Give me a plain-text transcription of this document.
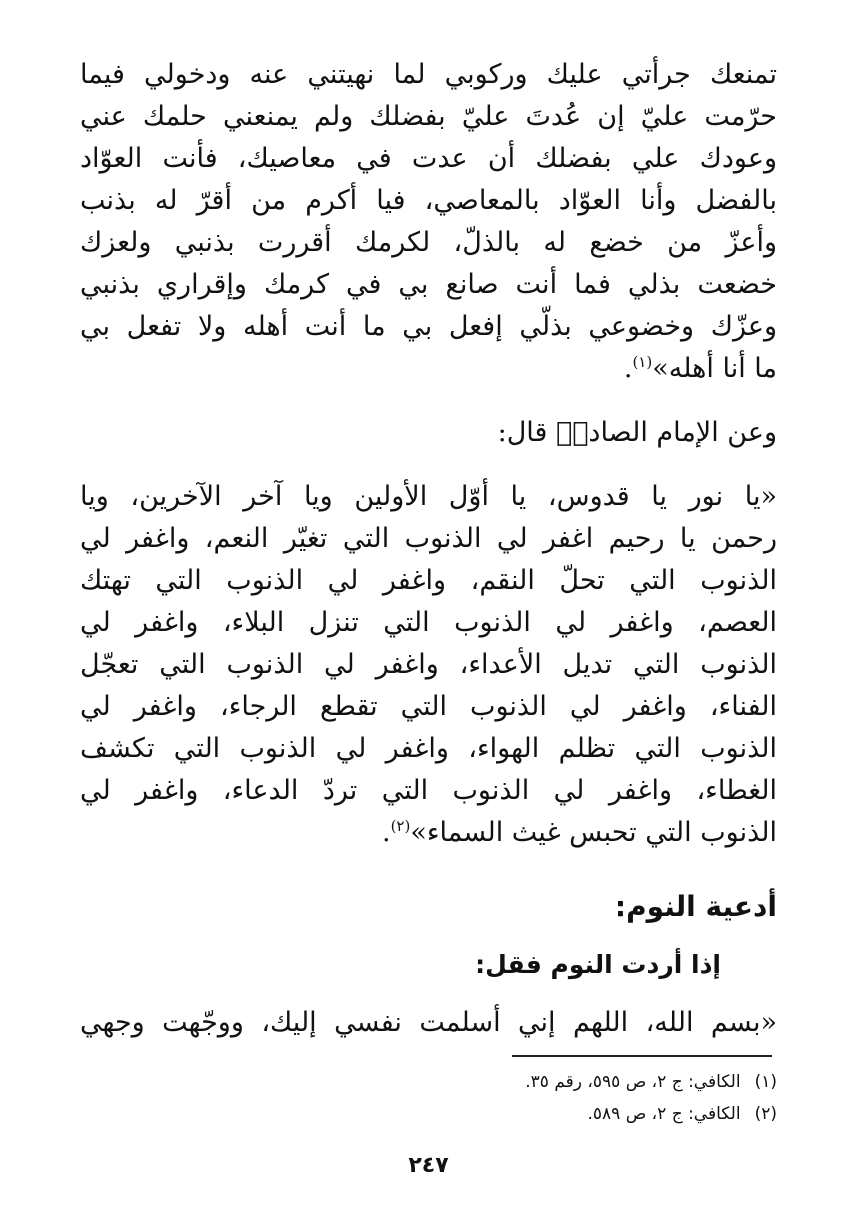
تمنعك جرأتي عليك وركوبي لما نهيتني عنه ودخولي فيما
حرّمت عليّ إن عُدتَ عليّ بفضلك ولم يمنعني حلمك عني
وعودك علي بفضلك أن عدت في معاصيك، فأنت العوّاد
بالفضل وأنا العوّاد بالمعاصي، فيا أكرم من أقرّ له بذنب
وأعزّ من خضع له بالذلّ، لكرمك أقررت بذنبي ولعزك
خضعت بذلي فما أنت صانع بي في كرمك وإقراري بذنبي
وعزّك وخضوعي بذلّي إفعل بي ما أنت أهله ولا تفعل بي
ما أنا أهله»$^{(١)}$.
وعن الإمام الصادقؑ قال:
«يا نور يا قدوس، يا أوّل الأولين ويا آخر الآخرين، ويا
رحمن يا رحيم اغفر لي الذنوب التي تغيّر النعم، واغفر لي
الذنوب التي تحلّ النقم، واغفر لي الذنوب التي تهتك
العصم، واغفر لي الذنوب التي تنزل البلاء، واغفر لي
الذنوب التي تديل الأعداء، واغفر لي الذنوب التي تعجّل
الفناء، واغفر لي الذنوب التي تقطع الرجاء، واغفر لي
الذنوب التي تظلم الهواء، واغفر لي الذنوب التي تكشف
الغطاء، واغفر لي الذنوب التي تردّ الدعاء، واغفر لي
الذنوب التي تحبس غيث السماء»$^{(٢)}$.
أدعية النوم:
إذا أردت النوم فقل:
«بسم الله، اللهم إني أسلمت نفسي إليك، ووجّهت وجهي
(١)الكافي: ج ٢، ص ٥٩٥، رقم ٣٥.
(٢)الكافي: ج ٢، ص ٥٨٩.
٢٤٧
